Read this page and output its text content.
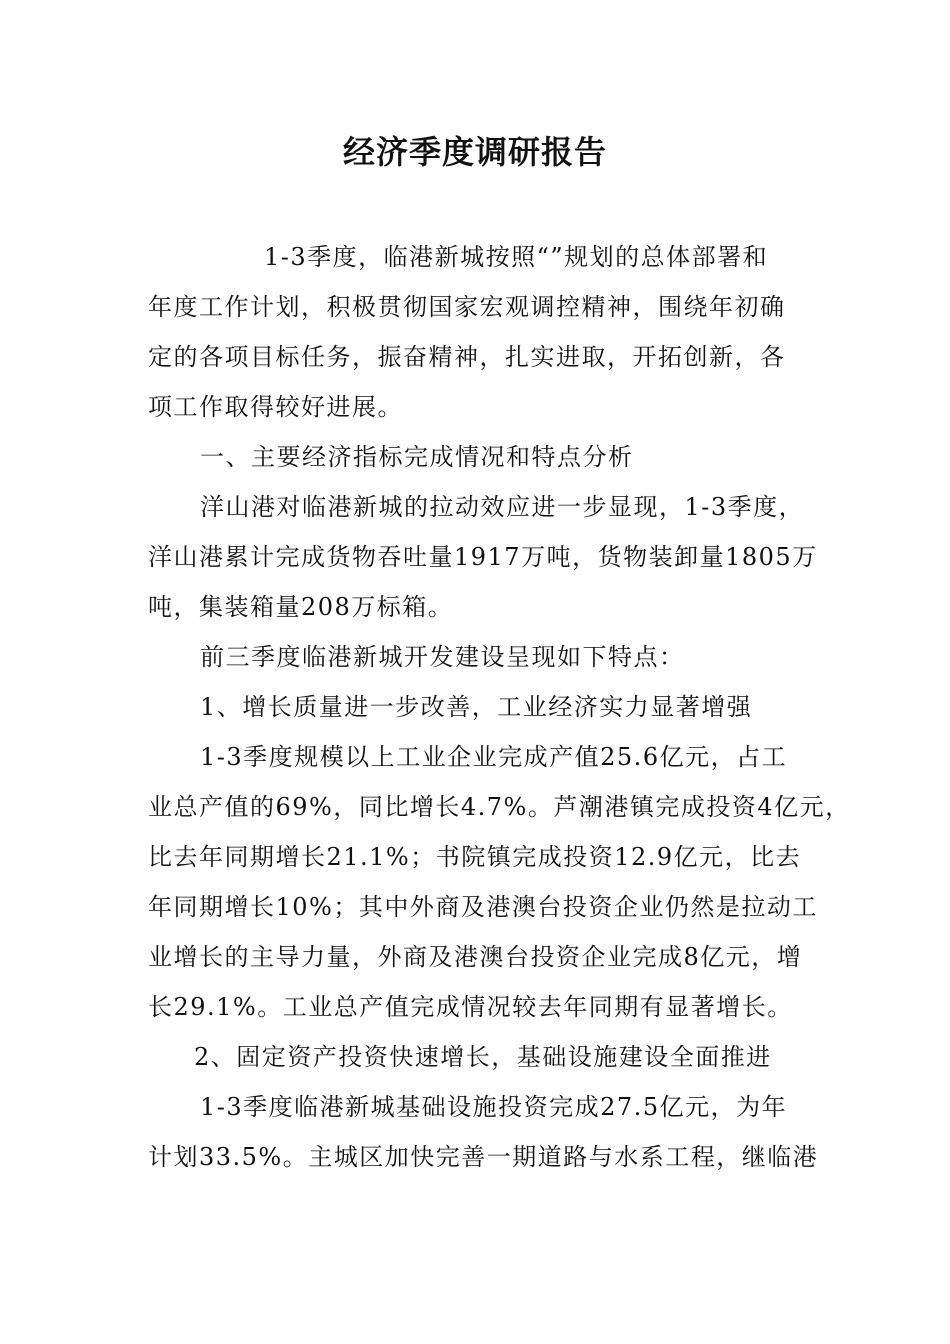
经济季度调研报告

1-3季度，临港新城按照“”规划的总体部署和

年度工作计划，积极贯彻国家宏观调控精神，围绕年初确

定的各项目标任务，振奋精神，扎实进取，开拓创新，各

项工作取得较好进展。

一、主要经济指标完成情况和特点分析

洋山港对临港新城的拉动效应进一步显现，1-3季度，

洋山港累计完成货物吞吐量1917万吨，货物装卸量1805万

吨，集装箱量208万标箱。

前三季度临港新城开发建设呈现如下特点：

1、增长质量进一步改善，工业经济实力显著增强

1-3季度规模以上工业企业完成产值25.6亿元，占工

业总产值的69%，同比增长4.7%。芦潮港镇完成投资4亿元，

比去年同期增长21.1%；书院镇完成投资12.9亿元，比去

年同期增长10%；其中外商及港澳台投资企业仍然是拉动工

业增长的主导力量，外商及港澳台投资企业完成8亿元，增

长29.1%。工业总产值完成情况较去年同期有显著增长。

2、固定资产投资快速增长，基础设施建设全面推进

1-3季度临港新城基础设施投资完成27.5亿元，为年

计划33.5%。主城区加快完善一期道路与水系工程，继临港
